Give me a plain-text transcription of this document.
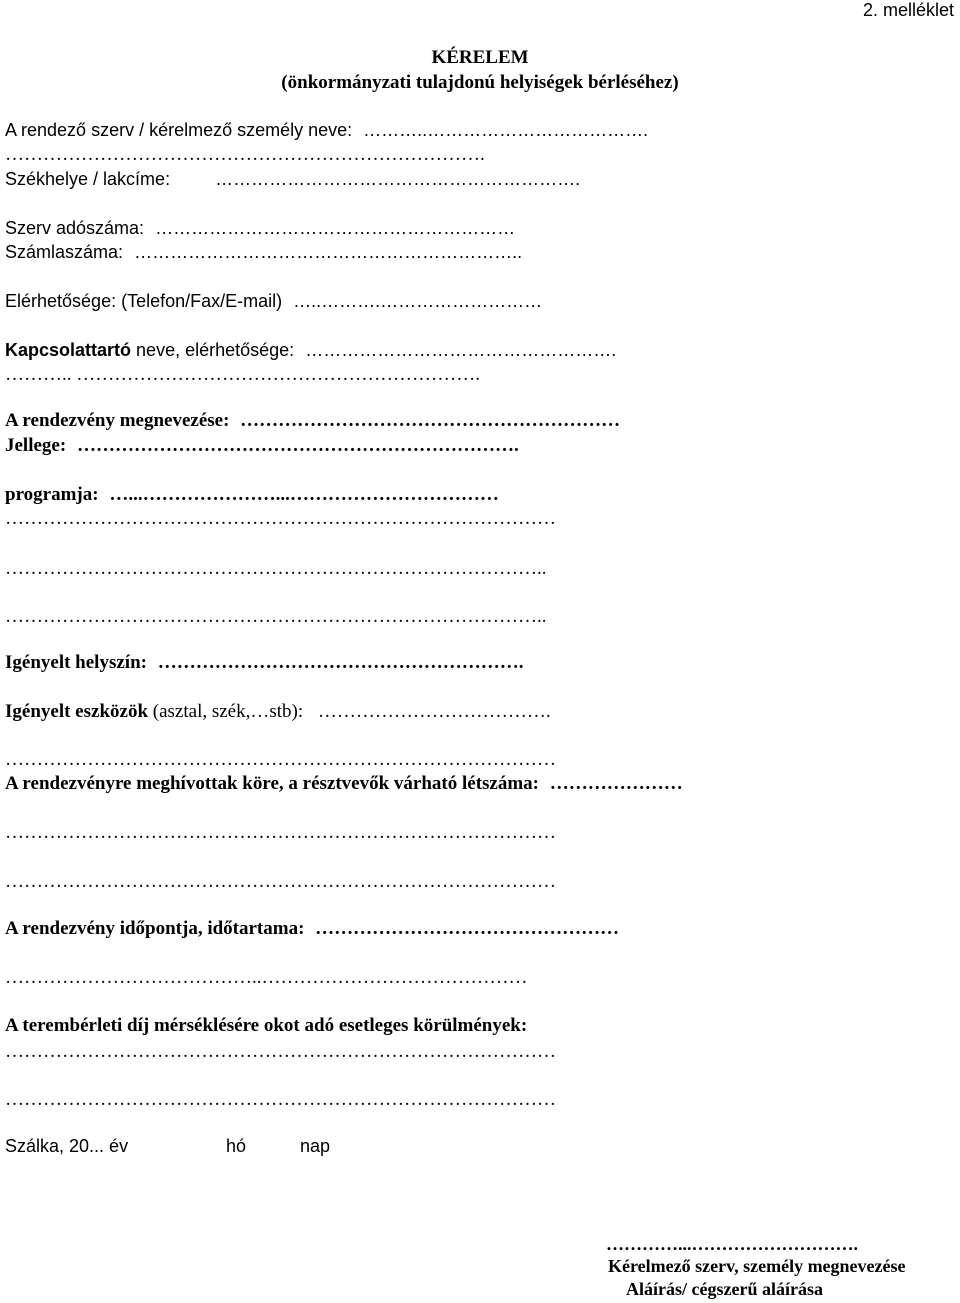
2. melléklet
KÉRELEM
(önkormányzati tulajdonú helyiségek bérléséhez)
A rendező szerv / kérelmező személy neve: ………..……………………………….
………………………………………………………………….
Székhelye / lakcíme:	…………………………………………………….
Szerv adószáma: ……………………………………………………
Számlaszáma: ………………………………………………………..
Elérhetősége: (Telefon/Fax/E-mail) …..……….………………………
Kapcsolattartó neve, elérhetősége: …………………………………………….
……….. ……………………………………………………….
A rendezvény megnevezése: ……………………………………………………
Jellege: …………………………………………………………….
programja: …...…………………...……………………………
……………………………………………………………………………
…………………………………………………………………………..
…………………………………………………………………………..
Igényelt helyszín: ………………………………………………….
Igényelt eszközök (asztal, szék,…stb): ……………………………….
……………………………………………………………………………
A rendezvényre meghívottak köre, a résztvevők várható létszáma: …………………
……………………………………………………………………………
……………………………………………………………………………
A rendezvény időpontja, időtartama: …………………………………………
…………………………………..……………………………………
A terembérleti díj mérséklésére okot adó esetleges körülmények:
……………………………………………………………………………
……………………………………………………………………………
Szálka, 20... év	hó	nap
…………...……………………….
Kérelmező szerv, személy megnevezése
Aláírás/ cégszerű aláírása
